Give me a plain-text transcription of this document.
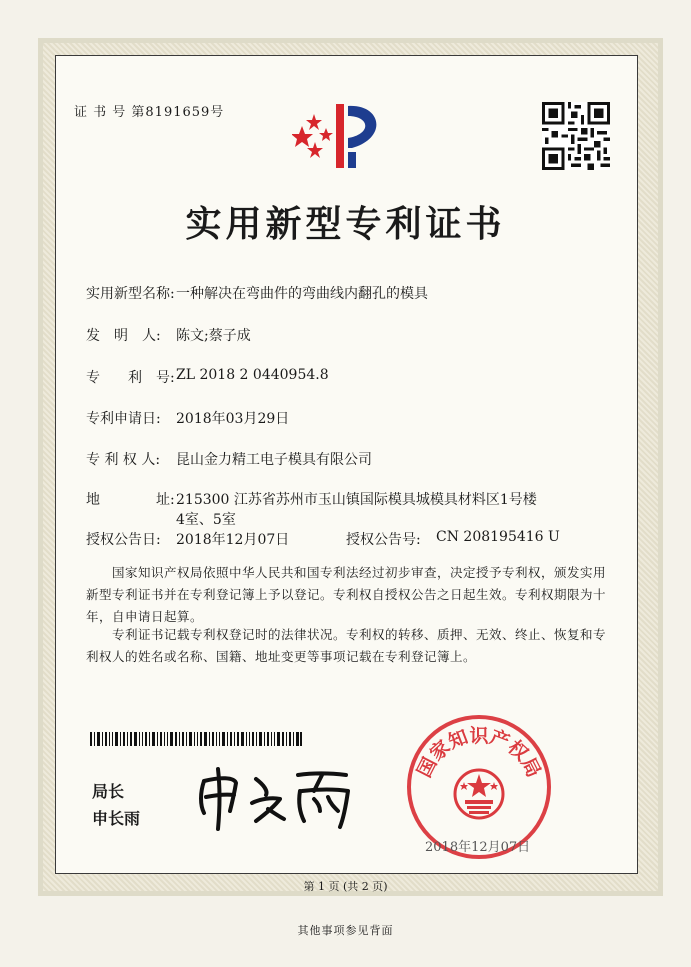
证 书 号 第8191659号
实用新型专利证书
实用新型名称: 一种解决在弯曲件的弯曲线内翻孔的模具
发　明　人: 陈文;蔡子成
专　　利　号: ZL 2018 2 0440954.8
专利申请日: 2018年03月29日
专 利 权 人: 昆山金力精工电子模具有限公司
地　　　　址: 215300 江苏省苏州市玉山镇国际模具城模具材料区1号楼
4室、5室
授权公告日: 2018年12月07日	授权公告号: CN 208195416 U
国家知识产权局依照中华人民共和国专利法经过初步审查，决定授予专利权，颁发实用新型专利证书并在专利登记簿上予以登记。专利权自授权公告之日起生效。专利权期限为十年，自申请日起算。
专利证书记载专利权登记时的法律状况。专利权的转移、质押、无效、终止、恢复和专利权人的姓名或名称、国籍、地址变更等事项记载在专利登记簿上。
局长
申长雨
国家知识产权局
2018年12月07日
第 1 页 (共 2 页)
其他事项参见背面
